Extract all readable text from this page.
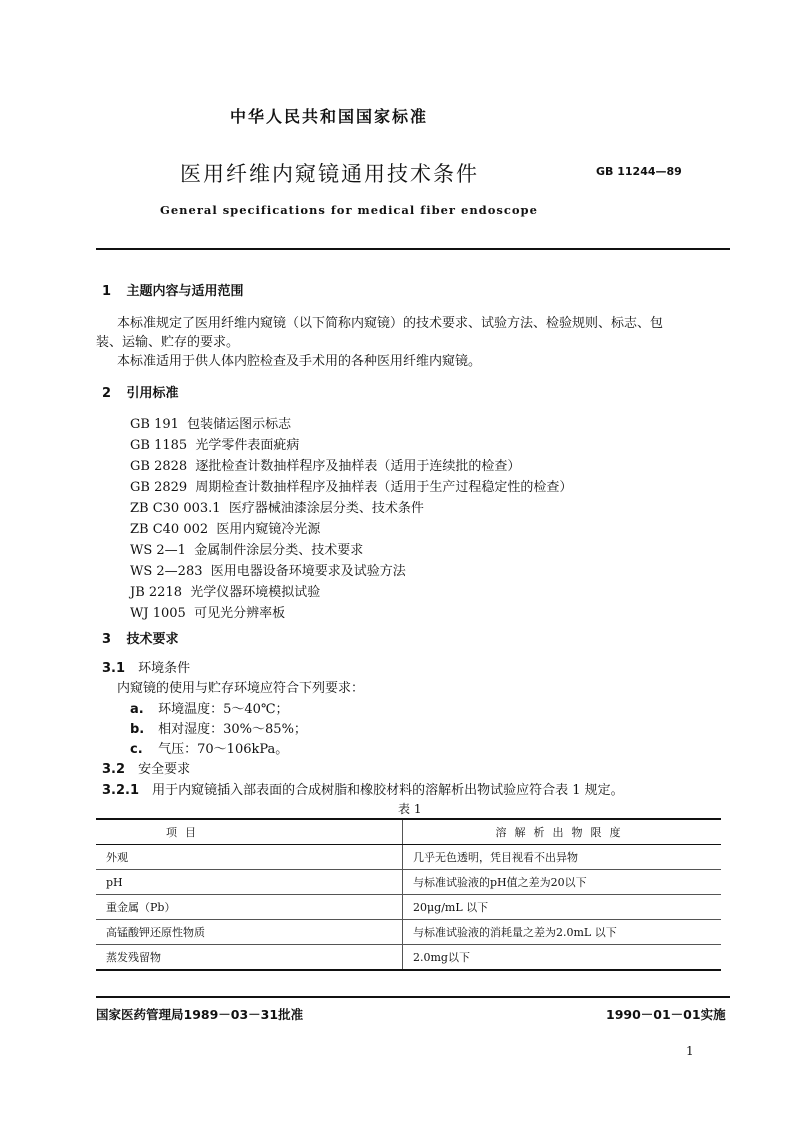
中华人民共和国国家标准
医用纤维内窥镜通用技术条件	GB 11244—89
General specifications for medical fiber endoscope
1 主题内容与适用范围
本标准规定了医用纤维内窥镜（以下简称内窥镜）的技术要求、试验方法、检验规则、标志、包
装、运输、贮存的要求。
本标准适用于供人体内腔检查及手术用的各种医用纤维内窥镜。
2 引用标准
GB 191 包装储运图示标志
GB 1185 光学零件表面疵病
GB 2828 逐批检查计数抽样程序及抽样表（适用于连续批的检查）
GB 2829 周期检查计数抽样程序及抽样表（适用于生产过程稳定性的检查）
ZB C30 003.1 医疗器械油漆涂层分类、技术条件
ZB C40 002 医用内窥镜冷光源
WS 2—1 金属制件涂层分类、技术要求
WS 2—283 医用电器设备环境要求及试验方法
JB 2218 光学仪器环境模拟试验
WJ 1005 可见光分辨率板
3 技术要求
3.1 环境条件
内窥镜的使用与贮存环境应符合下列要求：
a. 环境温度：5～40℃；
b. 相对湿度：30%～85%；
c. 气压：70～106kPa。
3.2 安全要求
3.2.1 用于内窥镜插入部表面的合成树脂和橡胶材料的溶解析出物试验应符合表 1 规定。
表 1
项目	溶解析出物限度
外观	几乎无色透明，凭目视看不出异物
pH	与标准试验液的pH值之差为20以下
重金属（Pb）	20μg/mL 以下
高锰酸钾还原性物质	与标准试验液的消耗量之差为2.0mL 以下
蒸发残留物	2.0mg以下
国家医药管理局1989－03－31批准	1990－01－01实施
1
